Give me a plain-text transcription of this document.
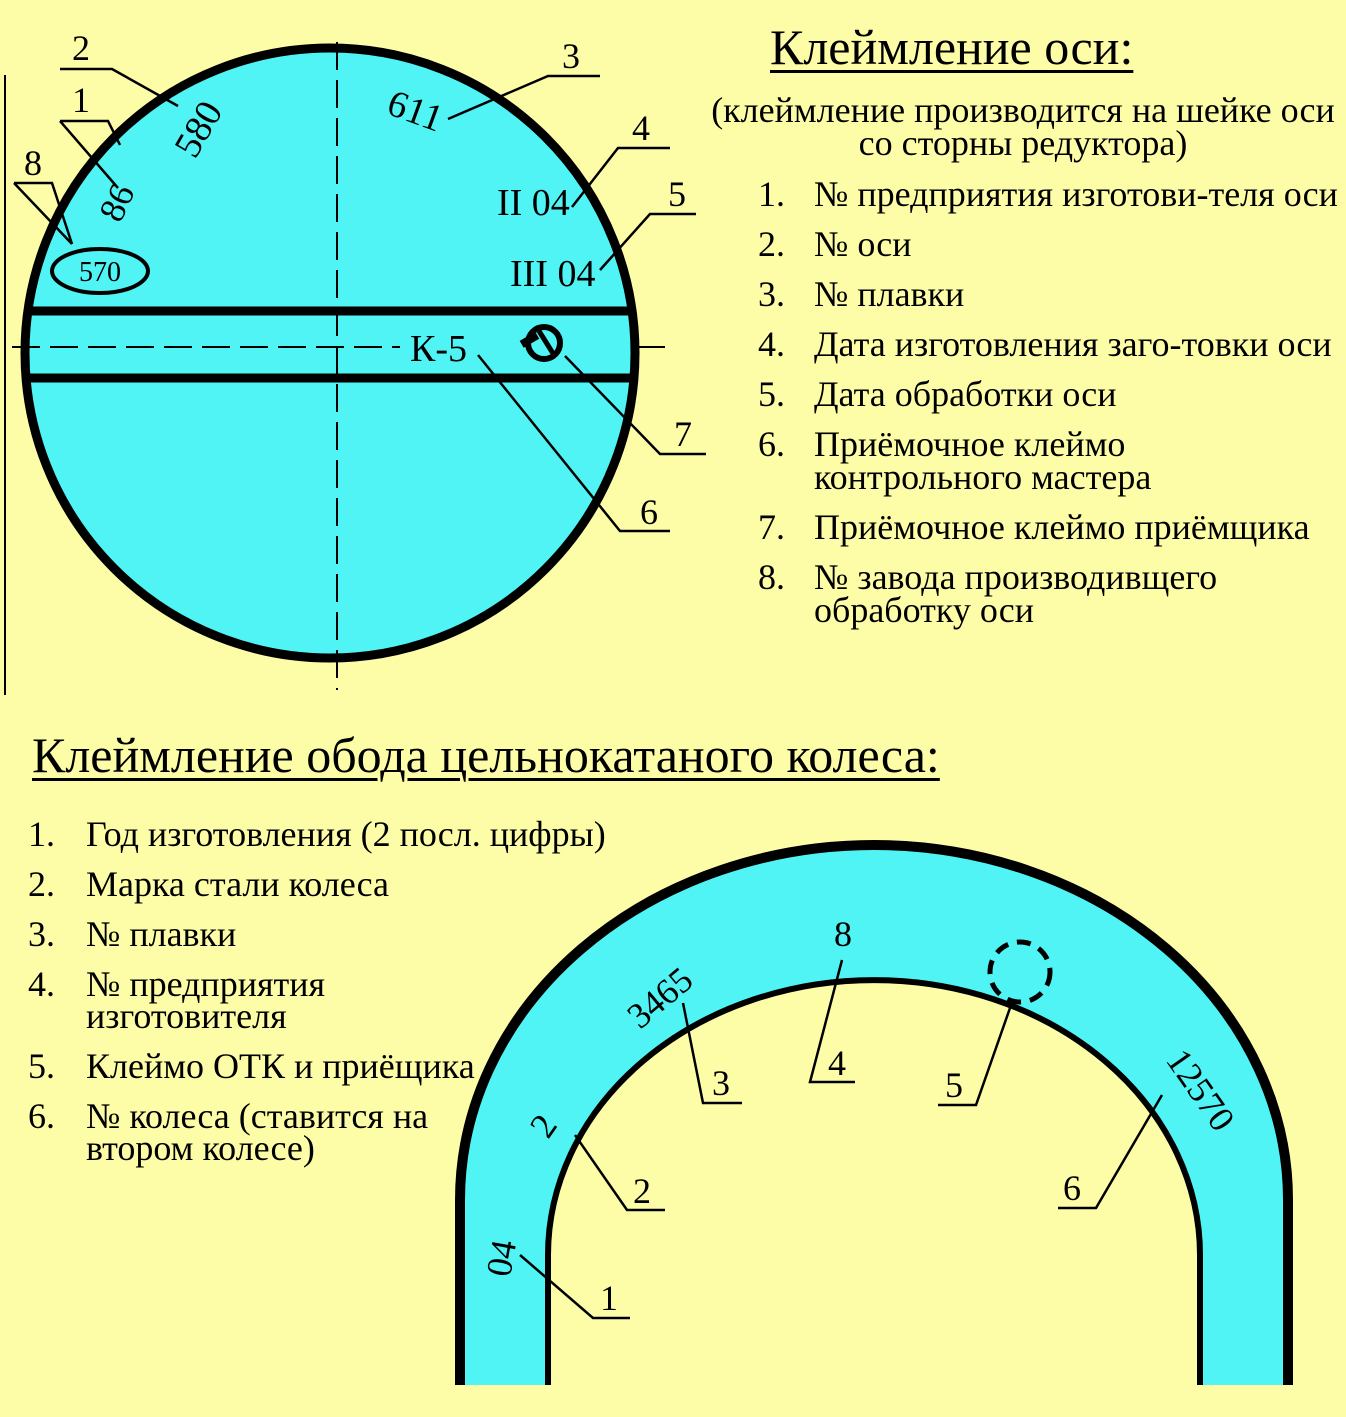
580	611
86
570
II 04
III 04
К-5
2
1
8
3
4
5
7
6
04
2
3465
8
12570
1
2
3	4
5
6
Клеймление оси:

(клеймление производится на шейке оси со сторны редуктора)

1. № предприятия изготови-теля оси
2. № оси
3. № плавки
4. Дата изготовления заго-товки оси
5. Дата обработки оси
6. Приёмочное клеймо контрольного мастера
7. Приёмочное клеймо приёмщика
8. № завода производивщего обработку оси
Клеймление обода цельнокатаного колеса:
1. Год изготовления (2 посл. цифры)
2. Марка стали колеса
3. № плавки
4. № предприятия изготовителя
5. Клеймо ОТК и приёщика
6. № колеса (ставится на втором колесе)
